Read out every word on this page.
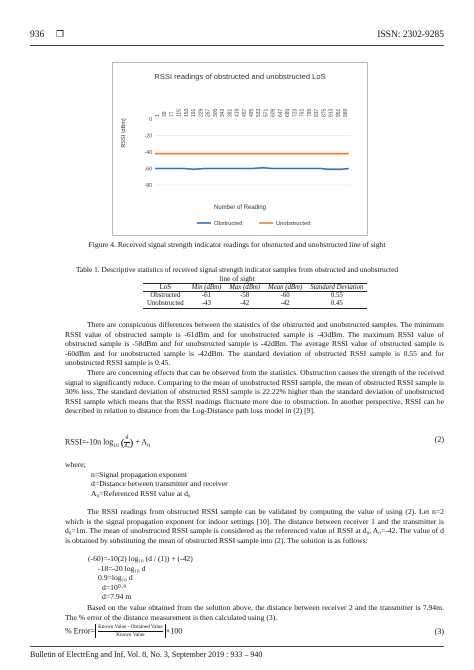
936 ❐	ISSN: 2302-9285
RSSI readings of obstructed and unobstructed LoS
RSSI (dBm)
Number of Reading
0
-20
-40
-60
-80
1 39 77 115 153 191 229 267 305 343 381 419 457 495 533 571 609 647 685 723 761 799 837 875 913 951 989
Obstructed	Unobstructed
Figure 4. Received signal strength indicator readings for obstructed and unobstructed line of sight
Table 1. Descriptive statistics of received signal strength indicator samples from obstructed and unobstructed
line of sight
LoS	Min (dBm)	Max (dBm)	Mean (dBm)	Standard Deviation
Obstructed	-61	-58	-60	0.55
Unobstructed	-43	-42	-42	0.45
There are conspicuous differences between the statistics of the obstructed and unobstructed samples. The minimum RSSI value of obstructed sample is -61dBm and for unobstructed sample is -43dBm. The maximum RSSI value of obstructed sample is -58dBm and for unobstructed sample is -42dBm. The average RSSI value of obstructed sample is -60dBm and for unobstructed sample is -42dBm. The standard deviation of obstructed RSSI sample is 0.55 and for unobstructed RSSI sample is 0.45.
There are concerning effects that can be observed from the statistics. Obstruction causes the strength of the received signal to significantly reduce. Comparing to the mean of unobstructed RSSI sample, the mean of obstructed RSSI sample is 30% less. The standard deviation of obstructed RSSI sample is 22.22% higher than the standard deviation of unobstructed RSSI sample which means that the RSSI readings fluctuate more due to obstruction. In another perspective, RSSI can be described in relation to distance from the Log-Distance path loss model in (2) [9].
RSSI=-10n $\log_{10}$ ( $\frac{d}{\text{d₀}}$ ) + $A_0$
(2)
where;
n=Signal propagation exponent
d=Distance between transmitter and receiver
A₀=Referenced RSSI value at d₀
The RSSI readings from obstructed RSSI sample can be validated by computing the value of using (2). Let n=2 which is the signal propagation exponent for indoor settings [10]. The distance between receiver 1 and the transmitter is d₀=1m. The mean of unobstructed RSSI sample is considered as the referenced value of RSSI at d₀, A₀=-42. The value of d is obtained by substituting the mean of obstructed RSSI sample into (2). The solution is as follows:
(-60)=-10(2) log₁₀ (d / (1)) + (-42)
-18=-20 log₁₀ d
0.9=log₁₀ d
d=10⁰·⁹
d=7.94 m
Based on the value obtained from the solution above, the distance between receiver 2 and the transmitter is 7.94m. The % error of the distance measurement is then calculated using (3).
% Error= Known Value - Obtained Value
Known Value	×100	(3)
Bulletin of ElectrEng and Inf, Vol. 8, No. 3, September 2019 : 933 – 940
